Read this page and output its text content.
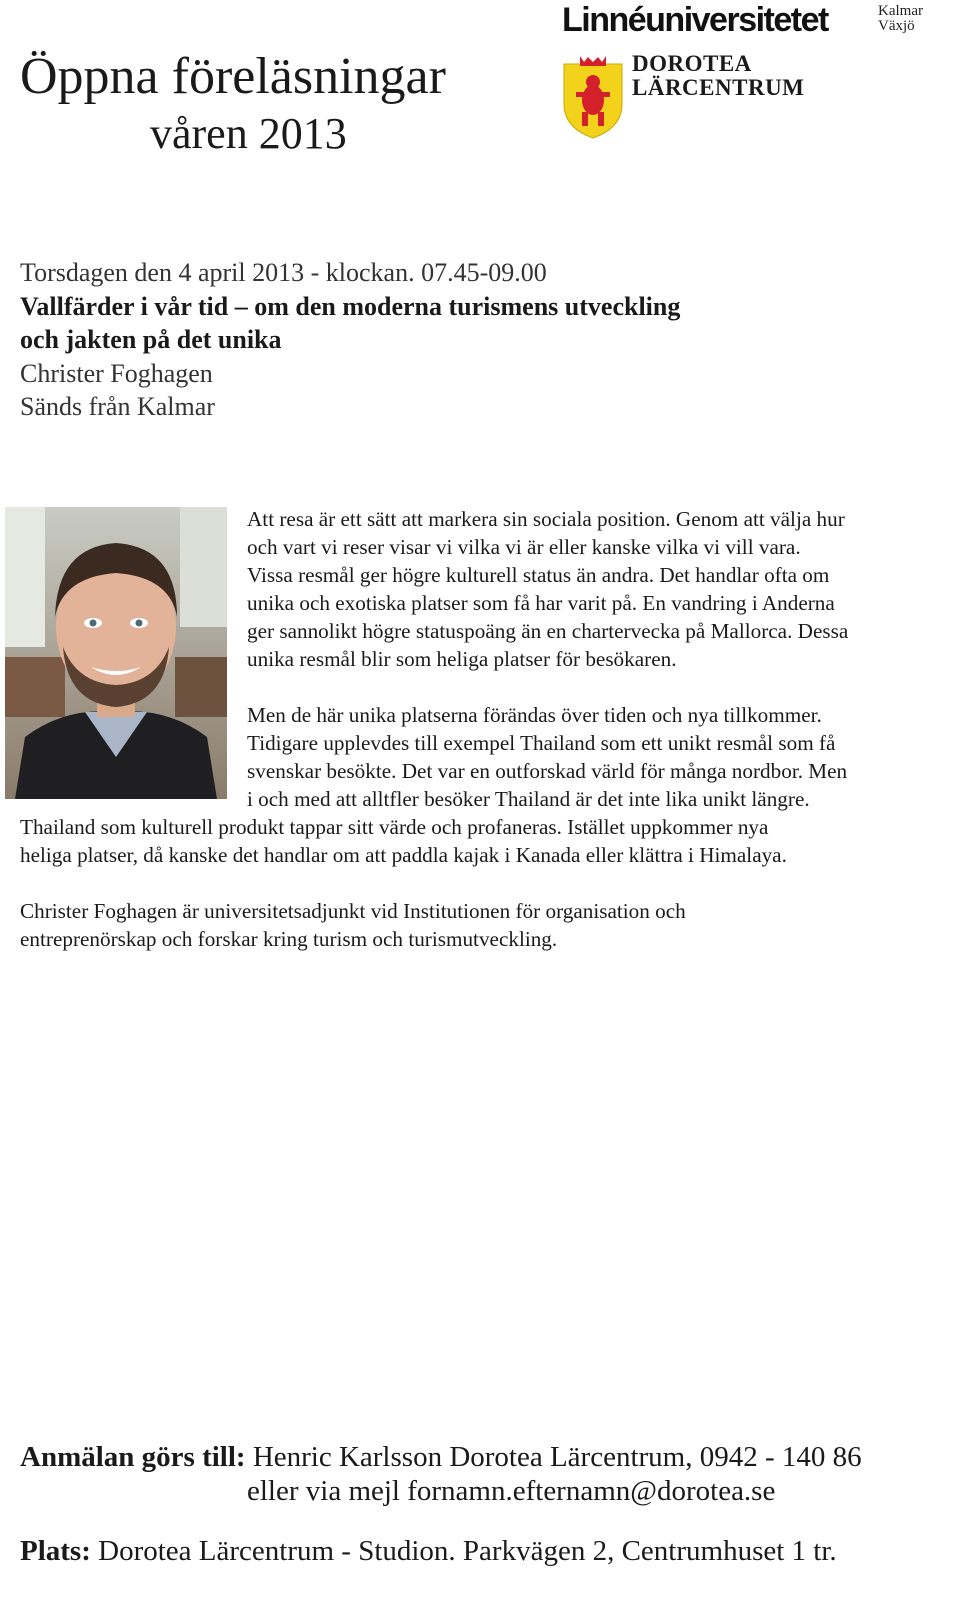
Öppna föreläsningar
våren 2013
Linnéuniversitetet	Kalmar
Växjö
DOROTEA
LÄRCENTRUM
Torsdagen den 4 april 2013 - klockan. 07.45-09.00
Vallfärder i vår tid – om den moderna turismens utveckling
och jakten på det unika
Christer Foghagen
Sänds från Kalmar
Att resa är ett sätt att markera sin sociala position. Genom att välja hur
och vart vi reser visar vi vilka vi är eller kanske vilka vi vill vara.
Vissa resmål ger högre kulturell status än andra. Det handlar ofta om
unika och exotiska platser som få har varit på. En vandring i Anderna
ger sannolikt högre statuspoäng än en chartervecka på Mallorca. Dessa
unika resmål blir som heliga platser för besökaren.
Men de här unika platserna förändas över tiden och nya tillkommer.
Tidigare upplevdes till exempel Thailand som ett unikt resmål som få
svenskar besökte. Det var en outforskad värld för många nordbor. Men
i och med att alltfler besöker Thailand är det inte lika unikt längre.
Thailand som kulturell produkt tappar sitt värde och profaneras. Istället uppkommer nya
heliga platser, då kanske det handlar om att paddla kajak i Kanada eller klättra i Himalaya.
Christer Foghagen är universitetsadjunkt vid Institutionen för organisation och
entreprenörskap och forskar kring turism och turismutveckling.
Anmälan görs till: Henric Karlsson Dorotea Lärcentrum, 0942 - 140 86
eller via mejl fornamn.efternamn@dorotea.se
Plats: Dorotea Lärcentrum - Studion. Parkvägen 2, Centrumhuset 1 tr.
